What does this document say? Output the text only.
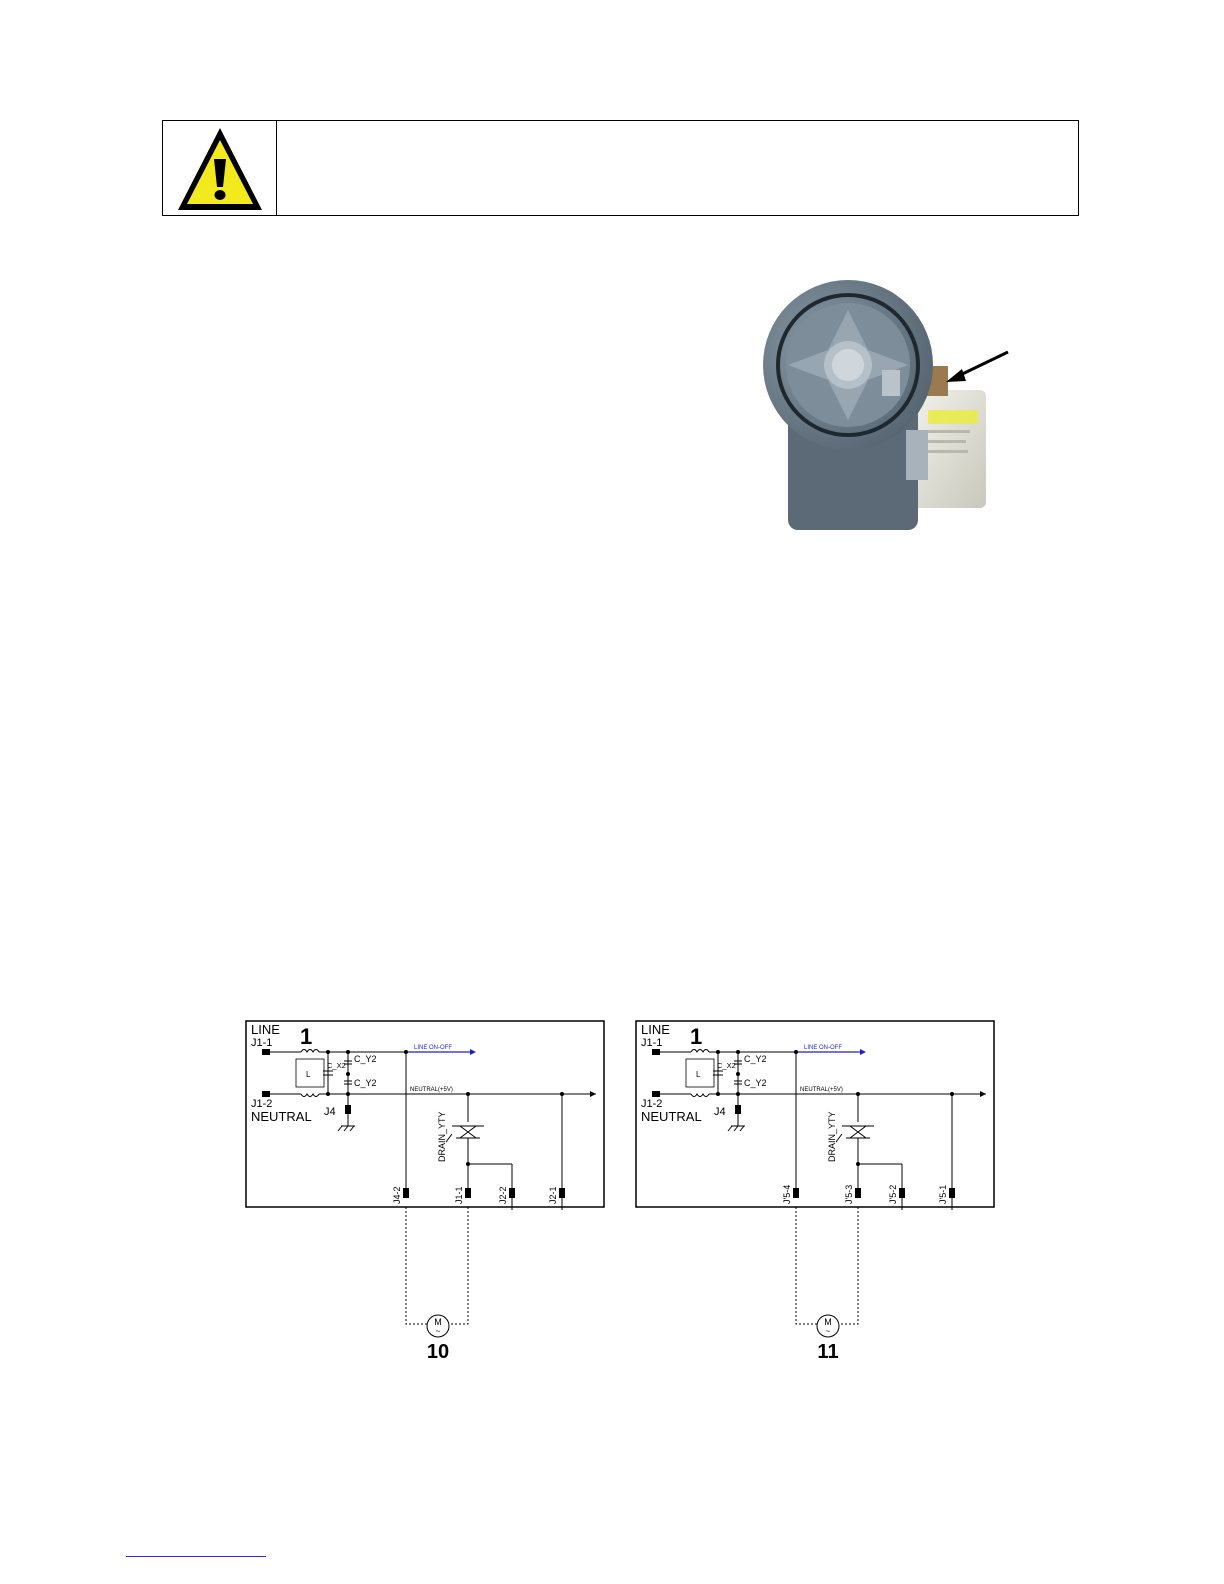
M
~
LINE
J1-1
J1-2
NEUTRAL
1
L
C_X2
C_Y2
C_Y2
J4
LINE ON-OFF
NEUTRAL(+5V)
DRAIN_YTY
J4-2	J1-1	J2-2	J2-1
10
M
~
LINE
J1-1
J1-2
NEUTRAL
1
L
C_X2
C_Y2
C_Y2
J4
LINE ON-OFF
NEUTRAL(+5V)
DRAIN_YTY
J'5-4	J'5-3	J'5-2	J'5-1
11
